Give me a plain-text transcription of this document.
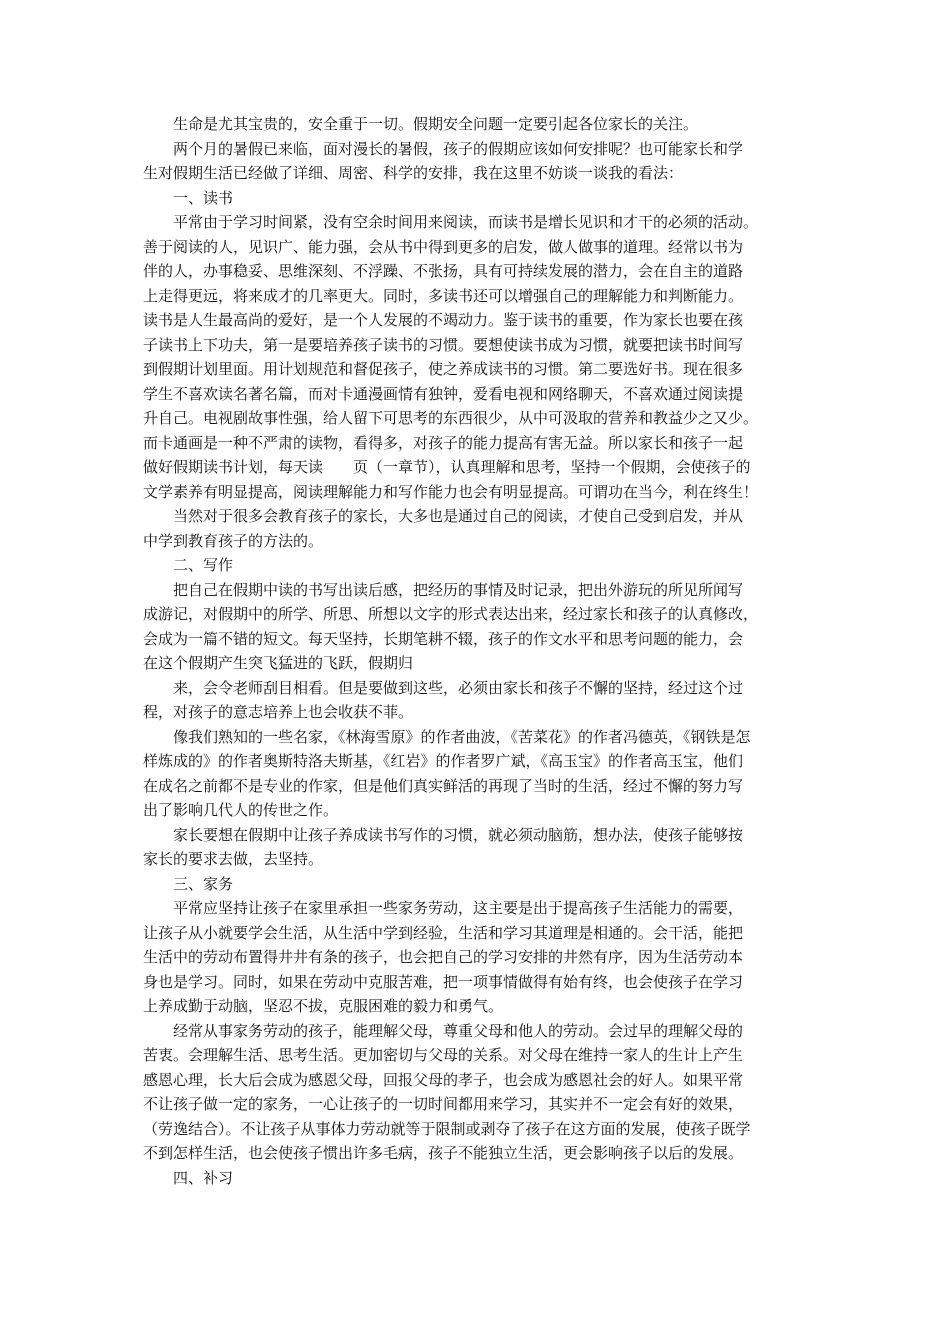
生命是尤其宝贵的，安全重于一切。假期安全问题一定要引起各位家长的关注。
两个月的暑假已来临，面对漫长的暑假，孩子的假期应该如何安排呢？也可能家长和学
生对假期生活已经做了详细、周密、科学的安排，我在这里不妨谈一谈我的看法：
一、读书
平常由于学习时间紧，没有空余时间用来阅读，而读书是增长见识和才干的必须的活动。
善于阅读的人，见识广、能力强，会从书中得到更多的启发，做人做事的道理。经常以书为
伴的人，办事稳妥、思维深刻、不浮躁、不张扬，具有可持续发展的潜力，会在自主的道路
上走得更远，将来成才的几率更大。同时，多读书还可以增强自己的理解能力和判断能力。
读书是人生最高尚的爱好，是一个人发展的不竭动力。鉴于读书的重要，作为家长也要在孩
子读书上下功夫，第一是要培养孩子读书的习惯。要想使读书成为习惯，就要把读书时间写
到假期计划里面。用计划规范和督促孩子，使之养成读书的习惯。第二要选好书。现在很多
学生不喜欢读名著名篇，而对卡通漫画情有独钟，爱看电视和网络聊天，不喜欢通过阅读提
升自己。电视剧故事性强，给人留下可思考的东西很少，从中可汲取的营养和教益少之又少。
而卡通画是一种不严肃的读物，看得多，对孩子的能力提高有害无益。所以家长和孩子一起
做好假期读书计划，每天读　　页（一章节），认真理解和思考，坚持一个假期，会使孩子的
文学素养有明显提高，阅读理解能力和写作能力也会有明显提高。可谓功在当今，利在终生！
当然对于很多会教育孩子的家长，大多也是通过自己的阅读，才使自己受到启发，并从
中学到教育孩子的方法的。
二、写作
把自己在假期中读的书写出读后感，把经历的事情及时记录，把出外游玩的所见所闻写
成游记，对假期中的所学、所思、所想以文字的形式表达出来，经过家长和孩子的认真修改，
会成为一篇不错的短文。每天坚持，长期笔耕不辍，孩子的作文水平和思考问题的能力，会
在这个假期产生突飞猛进的飞跃，假期归
来，会令老师刮目相看。但是要做到这些，必须由家长和孩子不懈的坚持，经过这个过
程，对孩子的意志培养上也会收获不菲。
像我们熟知的一些名家，《林海雪原》的作者曲波，《苦菜花》的作者冯德英，《钢铁是怎
样炼成的》的作者奥斯特洛夫斯基，《红岩》的作者罗广斌，《高玉宝》的作者高玉宝，他们
在成名之前都不是专业的作家，但是他们真实鲜活的再现了当时的生活，经过不懈的努力写
出了影响几代人的传世之作。
家长要想在假期中让孩子养成读书写作的习惯，就必须动脑筋，想办法，使孩子能够按
家长的要求去做，去坚持。
三、家务
平常应坚持让孩子在家里承担一些家务劳动，这主要是出于提高孩子生活能力的需要，
让孩子从小就要学会生活，从生活中学到经验，生活和学习其道理是相通的。会干活，能把
生活中的劳动布置得井井有条的孩子，也会把自己的学习安排的井然有序，因为生活劳动本
身也是学习。同时，如果在劳动中克服苦难，把一项事情做得有始有终，也会使孩子在学习
上养成勤于动脑，坚忍不拔，克服困难的毅力和勇气。
经常从事家务劳动的孩子，能理解父母，尊重父母和他人的劳动。会过早的理解父母的
苦衷。会理解生活、思考生活。更加密切与父母的关系。对父母在维持一家人的生计上产生
感恩心理，长大后会成为感恩父母，回报父母的孝子，也会成为感恩社会的好人。如果平常
不让孩子做一定的家务，一心让孩子的一切时间都用来学习，其实并不一定会有好的效果，
（劳逸结合）。不让孩子从事体力劳动就等于限制或剥夺了孩子在这方面的发展，使孩子既学
不到怎样生活，也会使孩子惯出许多毛病，孩子不能独立生活，更会影响孩子以后的发展。
四、补习
